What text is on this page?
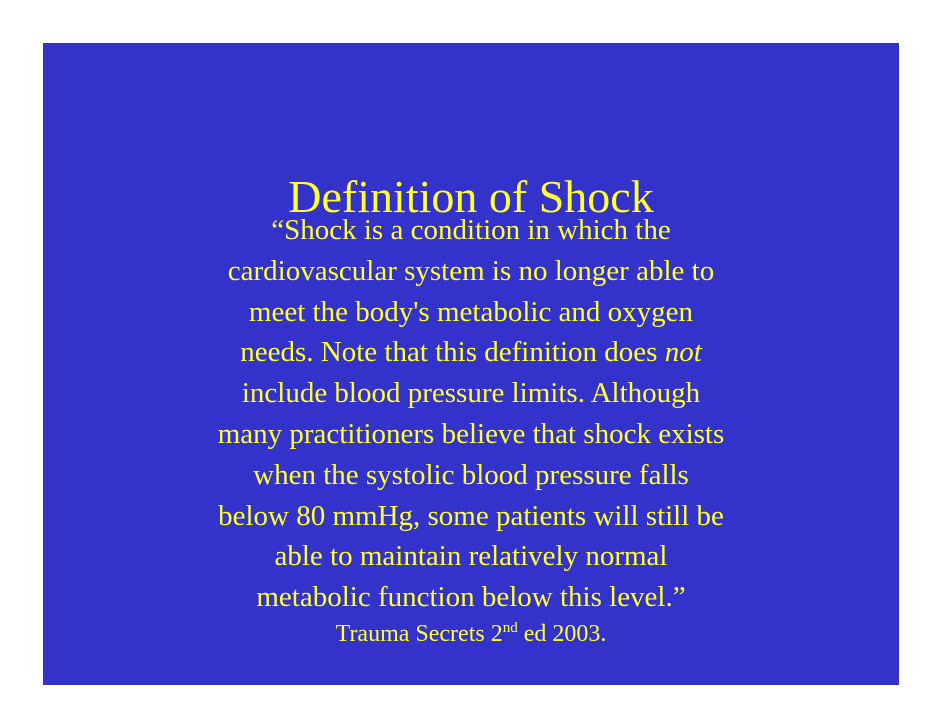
Definition of Shock
“Shock is a condition in which the
cardiovascular system is no longer able to
meet the body's metabolic and oxygen
needs. Note that this definition does not
include blood pressure limits. Although
many practitioners believe that shock exists
when the systolic blood pressure falls
below 80 mmHg, some patients will still be
able to maintain relatively normal
metabolic function below this level.”
Trauma Secrets 2nd ed 2003.
